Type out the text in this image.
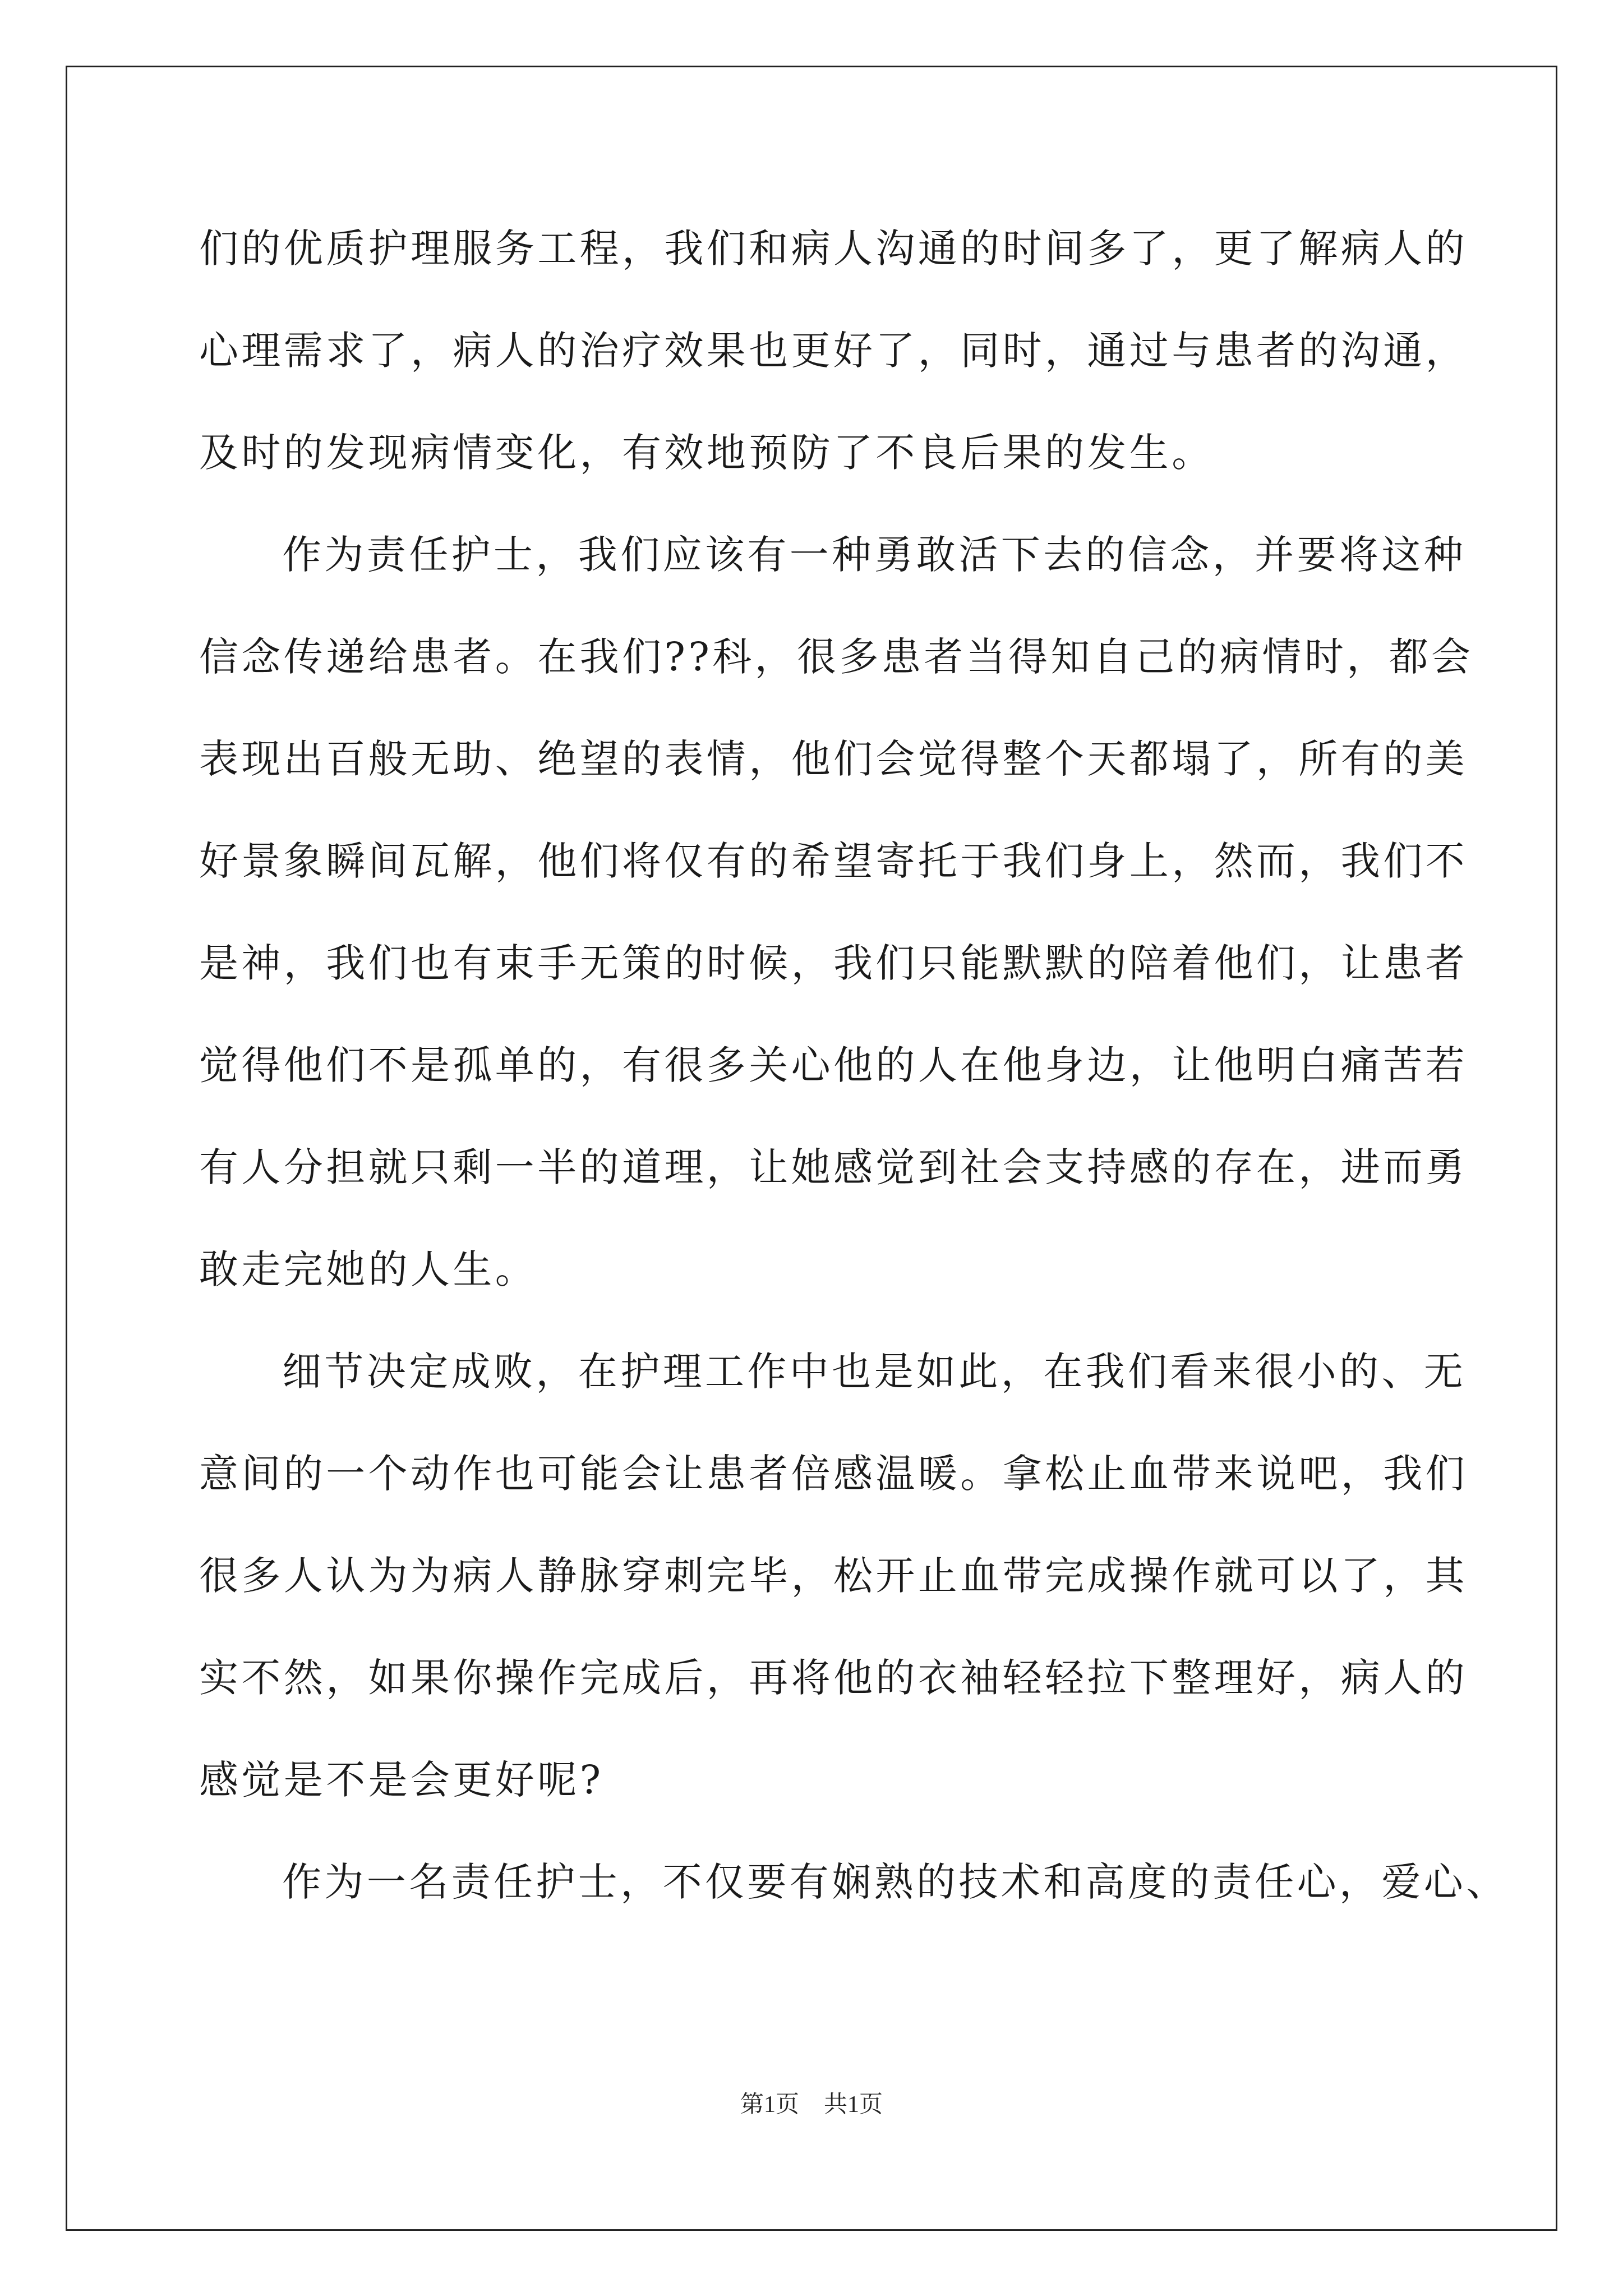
们的优质护理服务工程，我们和病人沟通的时间多了，更了解病人的
心理需求了，病人的治疗效果也更好了，同时，通过与患者的沟通，
及时的发现病情变化，有效地预防了不良后果的发生。
作为责任护士，我们应该有一种勇敢活下去的信念，并要将这种
信念传递给患者。在我们??科，很多患者当得知自己的病情时，都会
表现出百般无助、绝望的表情，他们会觉得整个天都塌了，所有的美
好景象瞬间瓦解，他们将仅有的希望寄托于我们身上，然而，我们不
是神，我们也有束手无策的时候，我们只能默默的陪着他们，让患者
觉得他们不是孤单的，有很多关心他的人在他身边，让他明白痛苦若
有人分担就只剩一半的道理，让她感觉到社会支持感的存在，进而勇
敢走完她的人生。
细节决定成败，在护理工作中也是如此，在我们看来很小的、无
意间的一个动作也可能会让患者倍感温暖。拿松止血带来说吧，我们
很多人认为为病人静脉穿刺完毕，松开止血带完成操作就可以了，其
实不然，如果你操作完成后，再将他的衣袖轻轻拉下整理好，病人的
感觉是不是会更好呢?
作为一名责任护士，不仅要有娴熟的技术和高度的责任心，爱心、
第1页 共1页
